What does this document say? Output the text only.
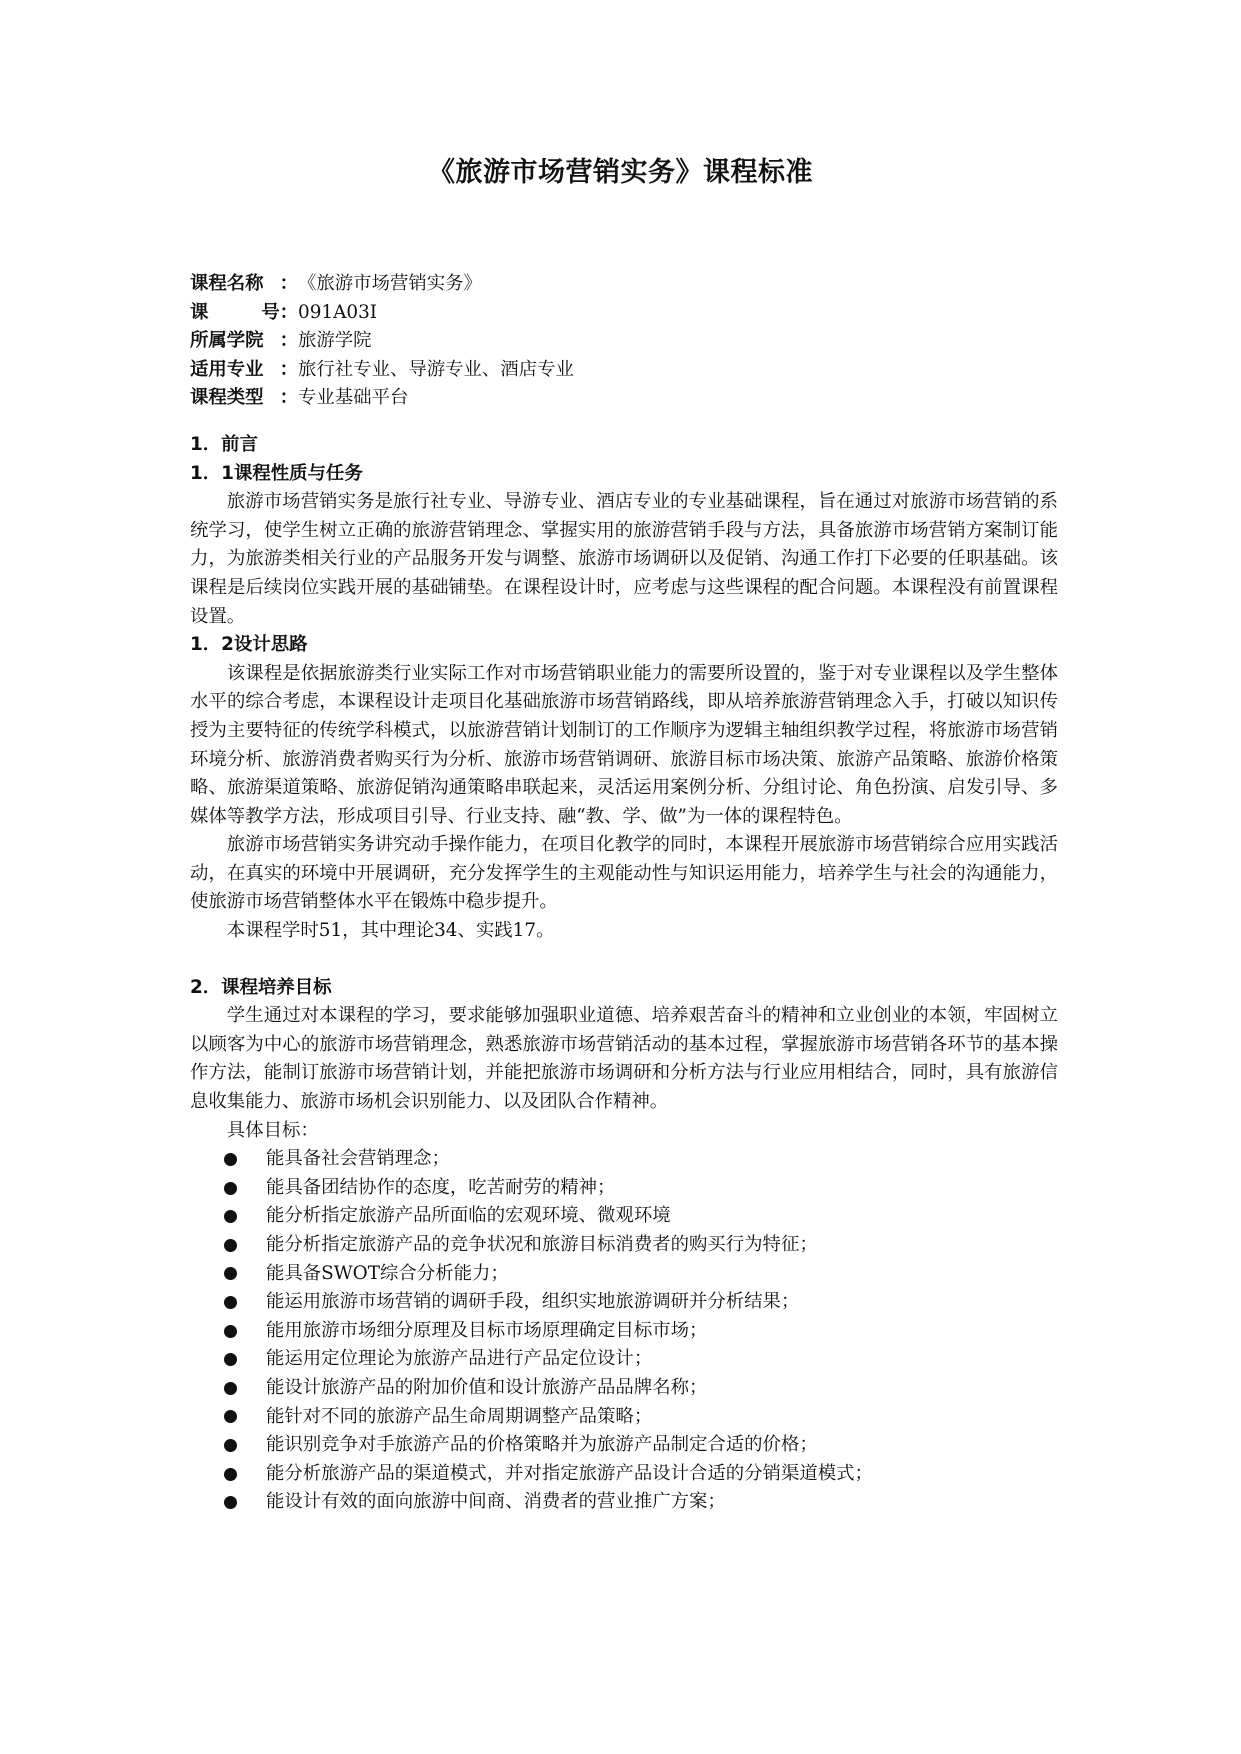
《旅游市场营销实务》课程标准
课程名称 ： 《旅游市场营销实务》
课	号： 091A03I
所属学院 ： 旅游学院
适用专业 ： 旅行社专业、导游专业、酒店专业
课程类型 ： 专业基础平台
1．前言
1．1课程性质与任务

旅游市场营销实务是旅行社专业、导游专业、酒店专业的专业基础课程，旨在通过对旅游市场营销的系统学习，使学生树立正确的旅游营销理念、掌握实用的旅游营销手段与方法，具备旅游市场营销方案制订能力，为旅游类相关行业的产品服务开发与调整、旅游市场调研以及促销、沟通工作打下必要的任职基础。该课程是后续岗位实践开展的基础铺垫。在课程设计时，应考虑与这些课程的配合问题。本课程没有前置课程设置。

1．2设计思路

该课程是依据旅游类行业实际工作对市场营销职业能力的需要所设置的，鉴于对专业课程以及学生整体水平的综合考虑，本课程设计走项目化基础旅游市场营销路线，即从培养旅游营销理念入手，打破以知识传授为主要特征的传统学科模式，以旅游营销计划制订的工作顺序为逻辑主轴组织教学过程，将旅游市场营销环境分析、旅游消费者购买行为分析、旅游市场营销调研、旅游目标市场决策、旅游产品策略、旅游价格策略、旅游渠道策略、旅游促销沟通策略串联起来，灵活运用案例分析、分组讨论、角色扮演、启发引导、多媒体等教学方法，形成项目引导、行业支持、融“教、学、做”为一体的课程特色。

旅游市场营销实务讲究动手操作能力，在项目化教学的同时，本课程开展旅游市场营销综合应用实践活动，在真实的环境中开展调研，充分发挥学生的主观能动性与知识运用能力，培养学生与社会的沟通能力，使旅游市场营销整体水平在锻炼中稳步提升。

本课程学时51，其中理论34、实践17。

2．课程培养目标

学生通过对本课程的学习，要求能够加强职业道德、培养艰苦奋斗的精神和立业创业的本领，牢固树立以顾客为中心的旅游市场营销理念，熟悉旅游市场营销活动的基本过程，掌握旅游市场营销各环节的基本操作方法，能制订旅游市场营销计划，并能把旅游市场调研和分析方法与行业应用相结合，同时，具有旅游信息收集能力、旅游市场机会识别能力、以及团队合作精神。

具体目标：

能具备社会营销理念；
能具备团结协作的态度，吃苦耐劳的精神；
能分析指定旅游产品所面临的宏观环境、微观环境
能分析指定旅游产品的竞争状况和旅游目标消费者的购买行为特征；
能具备SWOT综合分析能力；
能运用旅游市场营销的调研手段，组织实地旅游调研并分析结果；
能用旅游市场细分原理及目标市场原理确定目标市场；
能运用定位理论为旅游产品进行产品定位设计；
能设计旅游产品的附加价值和设计旅游产品品牌名称；
能针对不同的旅游产品生命周期调整产品策略；
能识别竞争对手旅游产品的价格策略并为旅游产品制定合适的价格；
能分析旅游产品的渠道模式，并对指定旅游产品设计合适的分销渠道模式；
能设计有效的面向旅游中间商、消费者的营业推广方案；
